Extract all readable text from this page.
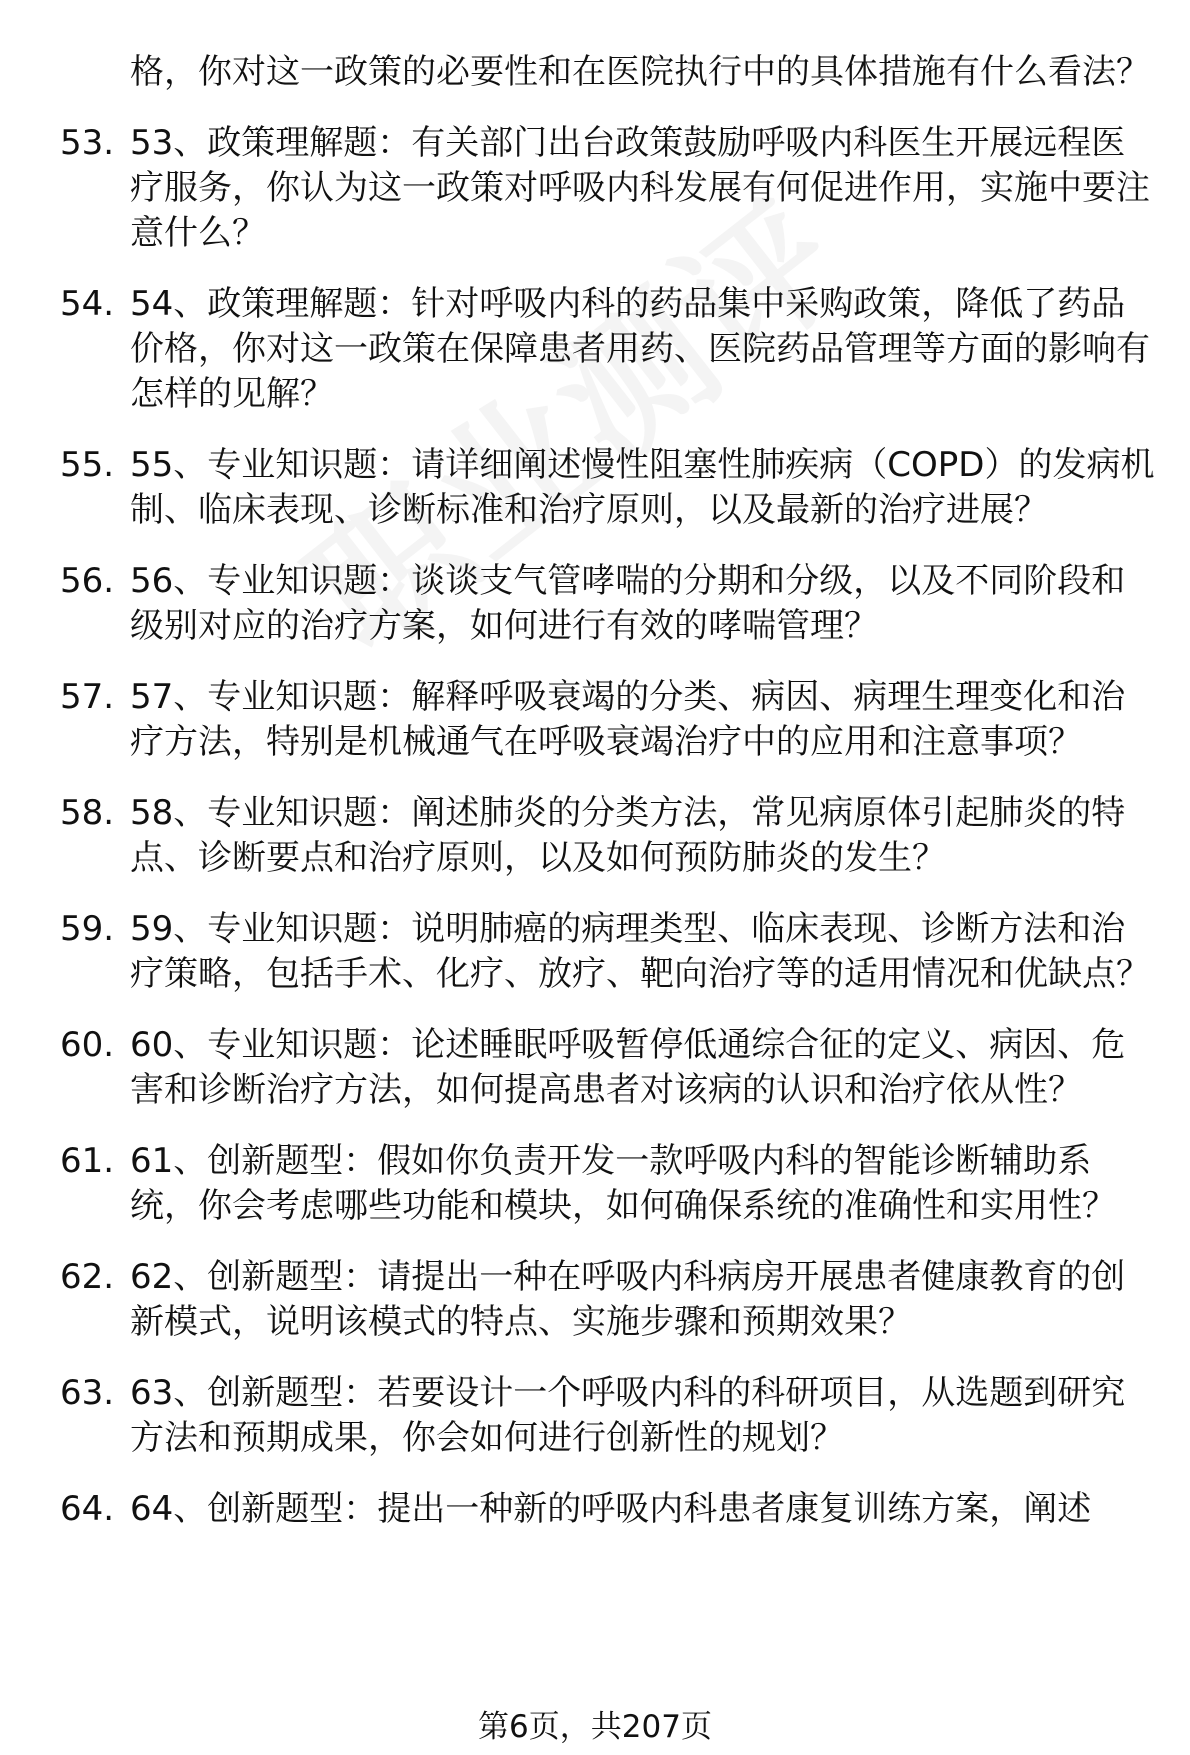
格，你对这一政策的必要性和在医院执行中的具体措施有什么看法？
53. 53、政策理解题：有关部门出台政策鼓励呼吸内科医生开展远程医疗服务，你认为这一政策对呼吸内科发展有何促进作用，实施中要注意什么？
54. 54、政策理解题：针对呼吸内科的药品集中采购政策，降低了药品价格，你对这一政策在保障患者用药、医院药品管理等方面的影响有怎样的见解？
55. 55、专业知识题：请详细阐述慢性阻塞性肺疾病（COPD）的发病机制、临床表现、诊断标准和治疗原则，以及最新的治疗进展？
56. 56、专业知识题：谈谈支气管哮喘的分期和分级，以及不同阶段和级别对应的治疗方案，如何进行有效的哮喘管理？
57. 57、专业知识题：解释呼吸衰竭的分类、病因、病理生理变化和治疗方法，特别是机械通气在呼吸衰竭治疗中的应用和注意事项？
58. 58、专业知识题：阐述肺炎的分类方法，常见病原体引起肺炎的特点、诊断要点和治疗原则，以及如何预防肺炎的发生？
59. 59、专业知识题：说明肺癌的病理类型、临床表现、诊断方法和治疗策略，包括手术、化疗、放疗、靶向治疗等的适用情况和优缺点？
60. 60、专业知识题：论述睡眠呼吸暂停低通综合征的定义、病因、危害和诊断治疗方法，如何提高患者对该病的认识和治疗依从性？
61. 61、创新题型：假如你负责开发一款呼吸内科的智能诊断辅助系统，你会考虑哪些功能和模块，如何确保系统的准确性和实用性？
62. 62、创新题型：请提出一种在呼吸内科病房开展患者健康教育的创新模式，说明该模式的特点、实施步骤和预期效果？
63. 63、创新题型：若要设计一个呼吸内科的科研项目，从选题到研究方法和预期成果，你会如何进行创新性的规划？
64. 64、创新题型：提出一种新的呼吸内科患者康复训练方案，阐述
第6页，共207页
